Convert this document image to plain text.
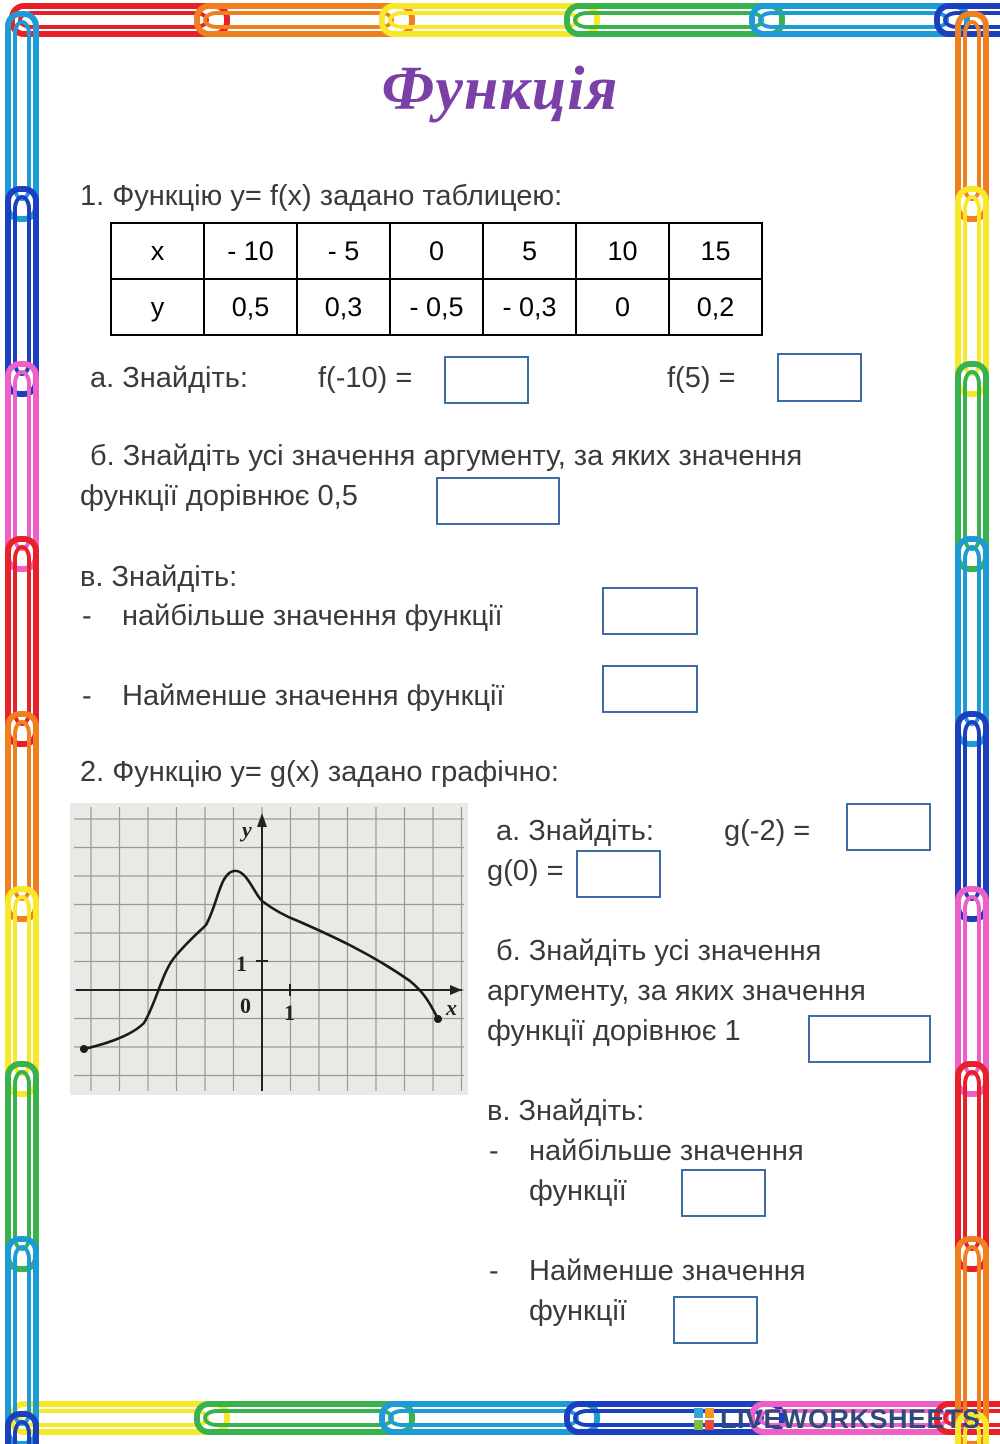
Функція
1. Функцію y= f(x) задано таблицею:
x	- 10	- 5	0	5	10	15
y	0,5	0,3	- 0,5	- 0,3	0	0,2
а. Знайдіть: f(-10) =	f(5) =
б. Знайдіть усі значення аргументу, за яких значення
функції дорівнює 0,5
в. Знайдіть:
- найбільше значення функції
- Найменше значення функції
2. Функцію y= g(x) задано графічно:
y
x
0 1
1
а. Знайдіть: g(-2) =
g(0) =
б. Знайдіть усі значення
аргументу, за яких значення
функції дорівнює 1
в. Знайдіть:
- найбільше значення
функції
- Найменше значення
функції
LIVEWORKSHEETS
